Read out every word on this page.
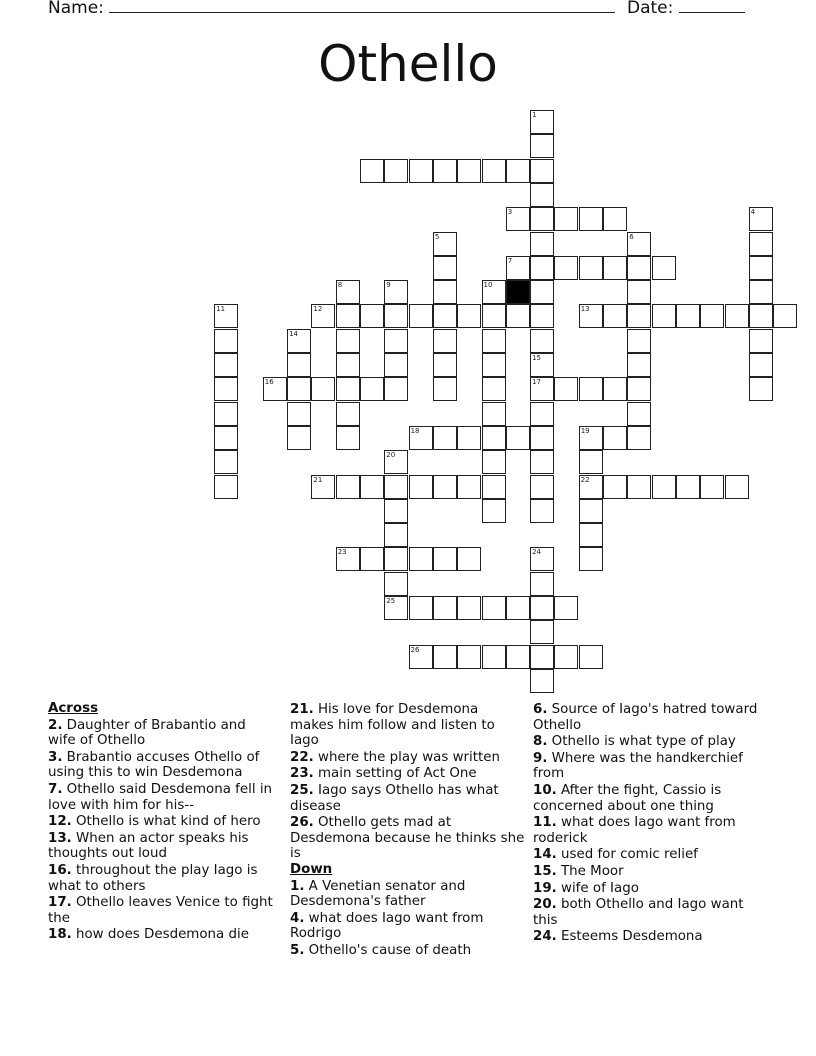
Name:	Date:
Othello
1
15
17
3	4
5	6
7
8	9	10
11	12	13
14
16
18	19
22
20
25
21
23	24
26
Across
2. Daughter of Brabantio and wife of Othello
3. Brabantio accuses Othello of using this to win Desdemona
7. Othello said Desdemona fell in love with him for his--
12. Othello is what kind of hero
13. When an actor speaks his thoughts out loud
16. throughout the play Iago is what to others
17. Othello leaves Venice to fight the
18. how does Desdemona die
21. His love for Desdemona makes him follow and listen to Iago
22. where the play was written
23. main setting of Act One
25. Iago says Othello has what disease
26. Othello gets mad at Desdemona because he thinks she is
Down
1. A Venetian senator and Desdemona's father
4. what does Iago want from Rodrigo
5. Othello's cause of death
6. Source of Iago's hatred toward Othello
8. Othello is what type of play
9. Where was the handkerchief from
10. After the fight, Cassio is concerned about one thing
11. what does Iago want from roderick
14. used for comic relief
15. The Moor
19. wife of Iago
20. both Othello and Iago want this
24. Esteems Desdemona
